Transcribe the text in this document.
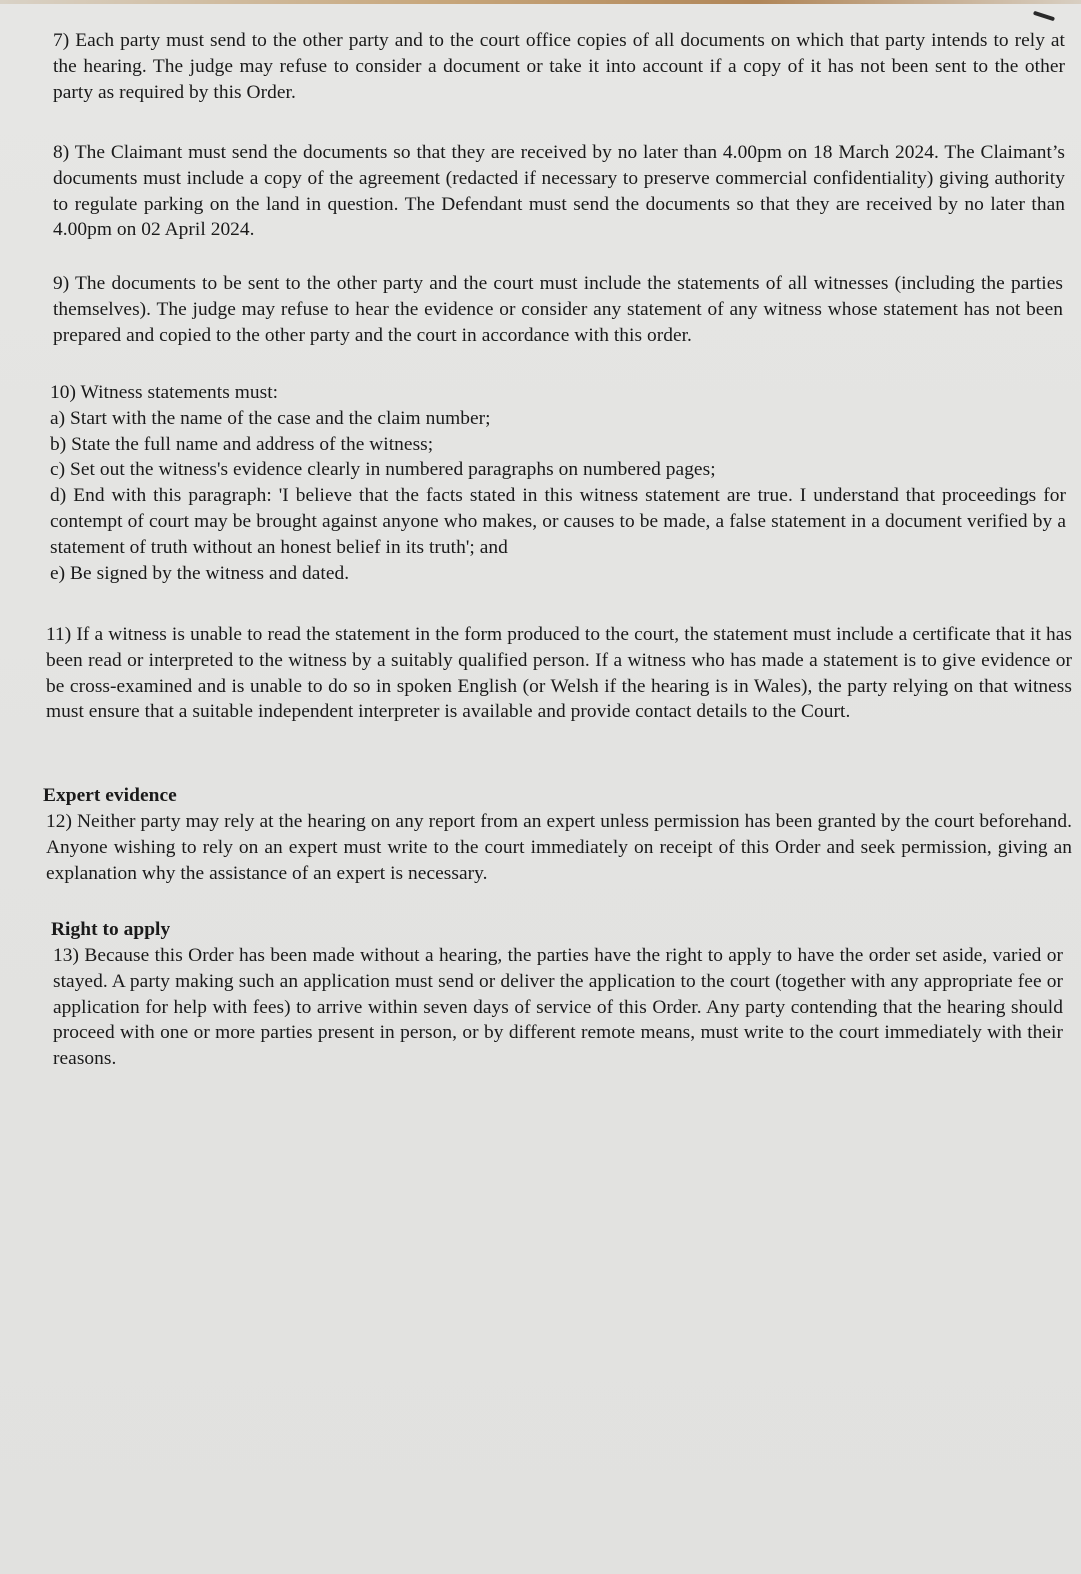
7) Each party must send to the other party and to the court office copies of all documents on which that party intends to rely at the hearing. The judge may refuse to consider a document or take it into account if a copy of it has not been sent to the other party as required by this Order.

8) The Claimant must send the documents so that they are received by no later than 4.00pm on 18 March 2024. The Claimant’s documents must include a copy of the agreement (redacted if necessary to preserve commercial confidentiality) giving authority to regulate parking on the land in question. The Defendant must send the documents so that they are received by no later than 4.00pm on 02 April 2024.

9) The documents to be sent to the other party and the court must include the statements of all witnesses (including the parties themselves). The judge may refuse to hear the evidence or consider any statement of any witness whose statement has not been prepared and copied to the other party and the court in accordance with this order.

10) Witness statements must:
a) Start with the name of the case and the claim number;
b) State the full name and address of the witness;
c) Set out the witness's evidence clearly in numbered paragraphs on numbered pages;
d) End with this paragraph: 'I believe that the facts stated in this witness statement are true. I understand that proceedings for contempt of court may be brought against anyone who makes, or causes to be made, a false statement in a document verified by a statement of truth without an honest belief in its truth'; and
e) Be signed by the witness and dated.

11) If a witness is unable to read the statement in the form produced to the court, the statement must include a certificate that it has been read or interpreted to the witness by a suitably qualified person. If a witness who has made a statement is to give evidence or be cross-examined and is unable to do so in spoken English (or Welsh if the hearing is in Wales), the party relying on that witness must ensure that a suitable independent interpreter is available and provide contact details to the Court.

Expert evidence

12) Neither party may rely at the hearing on any report from an expert unless permission has been granted by the court beforehand. Anyone wishing to rely on an expert must write to the court immediately on receipt of this Order and seek permission, giving an explanation why the assistance of an expert is necessary.

Right to apply

13) Because this Order has been made without a hearing, the parties have the right to apply to have the order set aside, varied or stayed. A party making such an application must send or deliver the application to the court (together with any appropriate fee or application for help with fees) to arrive within seven days of service of this Order. Any party contending that the hearing should proceed with one or more parties present in person, or by different remote means, must write to the court immediately with their reasons.
